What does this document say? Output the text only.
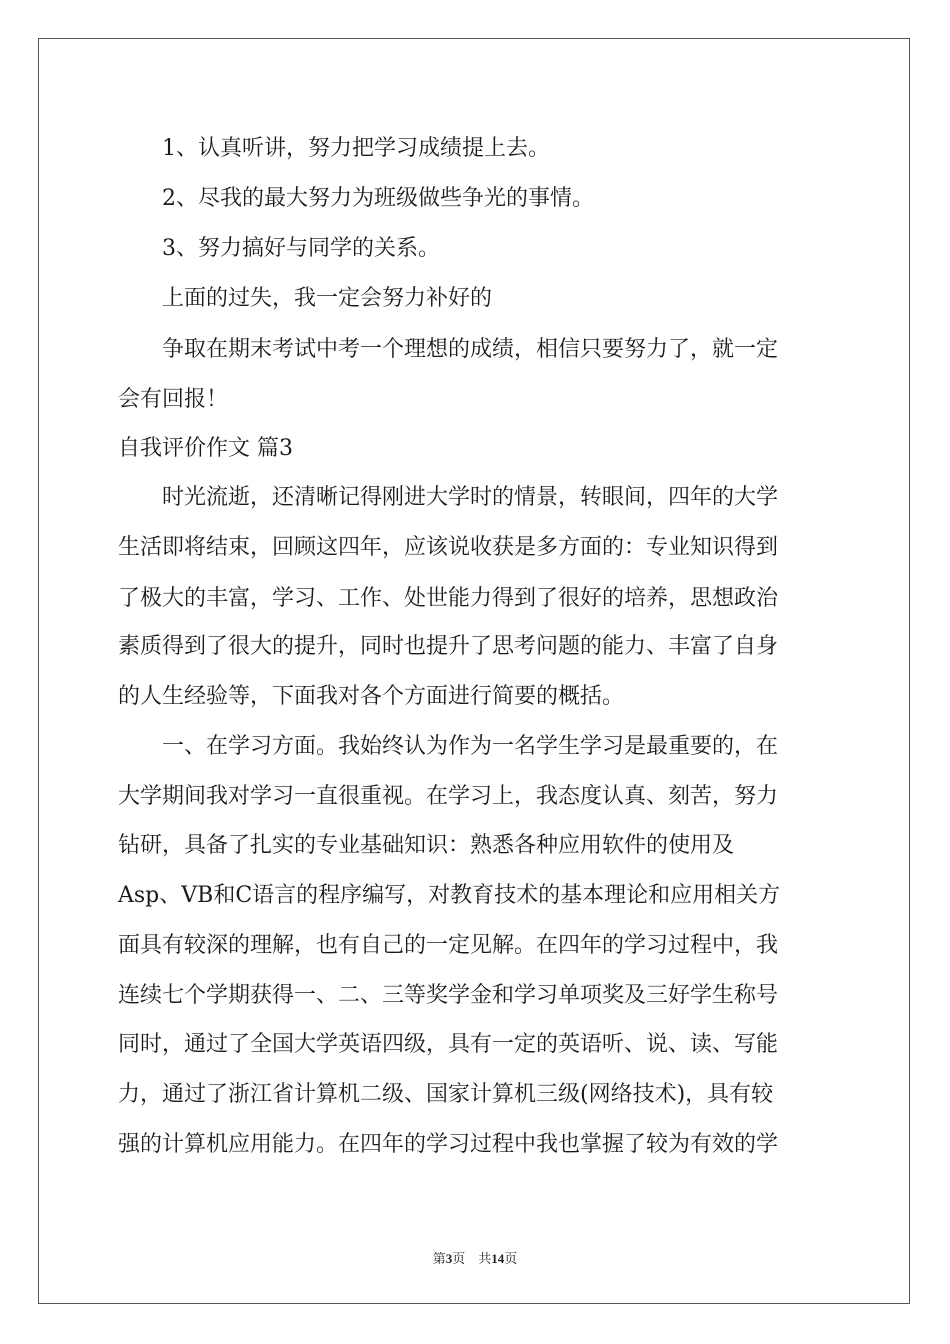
　　1、认真听讲，努力把学习成绩提上去。
　　2、尽我的最大努力为班级做些争光的事情。
　　3、努力搞好与同学的关系。
　　上面的过失，我一定会努力补好的
　　争取在期末考试中考一个理想的成绩，相信只要努力了，就一定
会有回报！
自我评价作文 篇3
　　时光流逝，还清晰记得刚进大学时的情景，转眼间，四年的大学
生活即将结束，回顾这四年，应该说收获是多方面的：专业知识得到
了极大的丰富，学习、工作、处世能力得到了很好的培养，思想政治
素质得到了很大的提升，同时也提升了思考问题的能力、丰富了自身
的人生经验等，下面我对各个方面进行简要的概括。
　　一、在学习方面。我始终认为作为一名学生学习是最重要的，在
大学期间我对学习一直很重视。在学习上，我态度认真、刻苦，努力
钻研，具备了扎实的专业基础知识：熟悉各种应用软件的使用及
Asp、VB和C语言的程序编写，对教育技术的基本理论和应用相关方
面具有较深的理解，也有自己的一定见解。在四年的学习过程中，我
连续七个学期获得一、二、三等奖学金和学习单项奖及三好学生称号
同时，通过了全国大学英语四级，具有一定的英语听、说、读、写能
力，通过了浙江省计算机二级、国家计算机三级(网络技术)，具有较
强的计算机应用能力。在四年的学习过程中我也掌握了较为有效的学
第3页　共14页
